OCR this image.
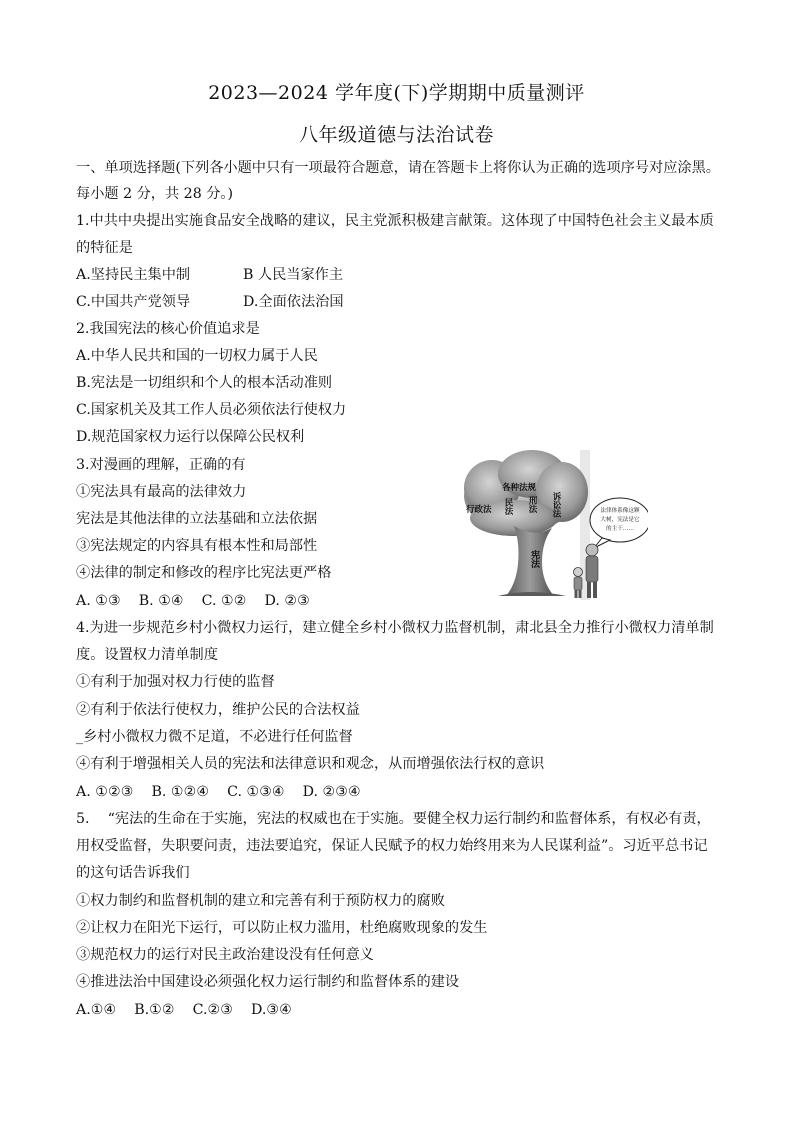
2023—2024 学年度(下)学期期中质量测评
八年级道德与法治试卷
一、单项选择题(下列各小题中只有一项最符合题意，请在答题卡上将你认为正确的选项序号对应涂黑。
每小题 2 分，共 28 分。)
1.中共中央提出实施食品安全战略的建议，民主党派积极建言献策。这体现了中国特色社会主义最本质
的特征是
A.坚持民主集中制	B 人民当家作主
C.中国共产党领导	D.全面依法治国
2.我国宪法的核心价值追求是
A.中华人民共和国的一切权力属于人民
B.宪法是一切组织和个人的根本活动准则
C.国家机关及其工作人员必须依法行使权力
D.规范国家权力运行以保障公民权利
3.对漫画的理解，正确的有
①宪法具有最高的法律效力
宪法是其他法律的立法基础和立法依据
③宪法规定的内容具有根本性和局部性
④法律的制定和修改的程序比宪法更严格
A. ①③    B. ①④    C. ①②    D. ②③
各种法规
行政法 民法 刑法 诉讼法
宪法
法律体系像这颗
大树，宪法是它
的主干……
4.为进一步规范乡村小微权力运行，建立健全乡村小微权力监督机制，肃北县全力推行小微权力清单制
度。设置权力清单制度
①有利于加强对权力行使的监督
②有利于依法行使权力，维护公民的合法权益
_乡村小微权力微不足道，不必进行任何监督
④有利于增强相关人员的宪法和法律意识和观念，从而增强依法行权的意识
A. ①②③    B. ①②④    C. ①③④    D. ②③④
5.    “宪法的生命在于实施，宪法的权威也在于实施。要健全权力运行制约和监督体系，有权必有责，
用权受监督，失职要问责，违法要追究，保证人民赋予的权力始终用来为人民谋利益”。习近平总书记
的这句话告诉我们
①权力制约和监督机制的建立和完善有利于预防权力的腐败
②让权力在阳光下运行，可以防止权力滥用，杜绝腐败现象的发生
③规范权力的运行对民主政治建设没有任何意义
④推进法治中国建设必须强化权力运行制约和监督体系的建设
A.①④    B.①②    C.②③    D.③④
